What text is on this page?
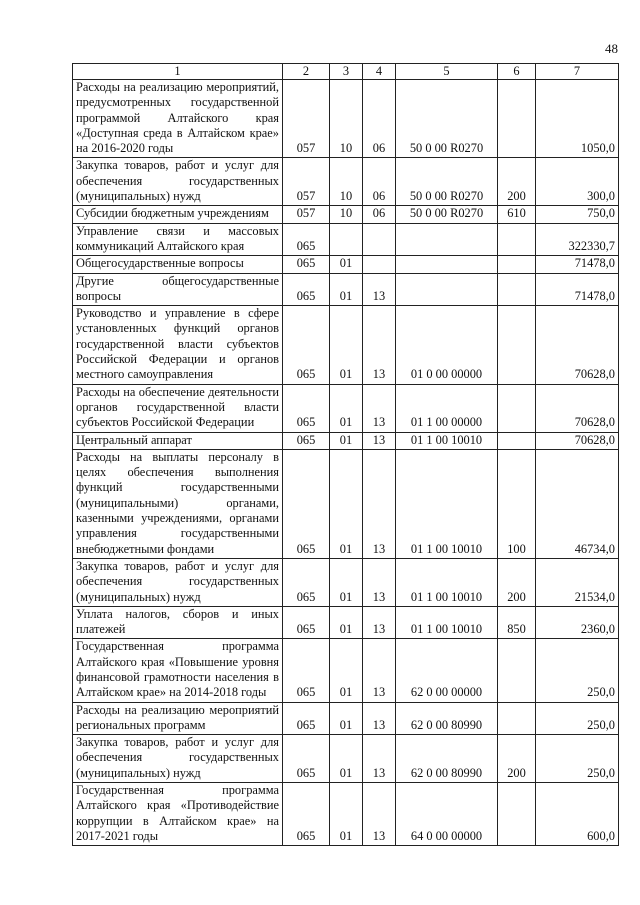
48
1	2	3	4	5	6	7
Расходы на реализацию мероприятий, предусмотренных государственной программой Алтайского края «Доступная среда в Алтайском крае» на 2016-2020 годы	057	10	06	50 0 00 R0270		1050,0
Закупка товаров, работ и услуг для обеспечения государственных (муниципальных) нужд	057	10	06	50 0 00 R0270	200	300,0
Субсидии бюджетным учреждениям	057	10	06	50 0 00 R0270	610	750,0
Управление связи и массовых коммуникаций Алтайского края	065					322330,7
Общегосударственные вопросы	065	01				71478,0
Другие общегосударственные вопросы	065	01	13			71478,0
Руководство и управление в сфере установленных функций органов государственной власти субъектов Российской Федерации и органов местного самоуправления	065	01	13	01 0 00 00000		70628,0
Расходы на обеспечение деятельности органов государственной власти субъектов Российской Федерации	065	01	13	01 1 00 00000		70628,0
Центральный аппарат	065	01	13	01 1 00 10010		70628,0
Расходы на выплаты персоналу в целях обеспечения выполнения функций государственными (муниципальными) органами, казенными учреждениями, органами управления государственными внебюджетными фондами	065	01	13	01 1 00 10010	100	46734,0
Закупка товаров, работ и услуг для обеспечения государственных (муниципальных) нужд	065	01	13	01 1 00 10010	200	21534,0
Уплата налогов, сборов и иных платежей	065	01	13	01 1 00 10010	850	2360,0
Государственная программа Алтайского края «Повышение уровня финансовой грамотности населения в Алтайском крае» на 2014-2018 годы	065	01	13	62 0 00 00000		250,0
Расходы на реализацию мероприятий региональных программ	065	01	13	62 0 00 80990		250,0
Закупка товаров, работ и услуг для обеспечения государственных (муниципальных) нужд	065	01	13	62 0 00 80990	200	250,0
Государственная программа Алтайского края «Противодействие коррупции в Алтайском крае» на 2017-2021 годы	065	01	13	64 0 00 00000		600,0
